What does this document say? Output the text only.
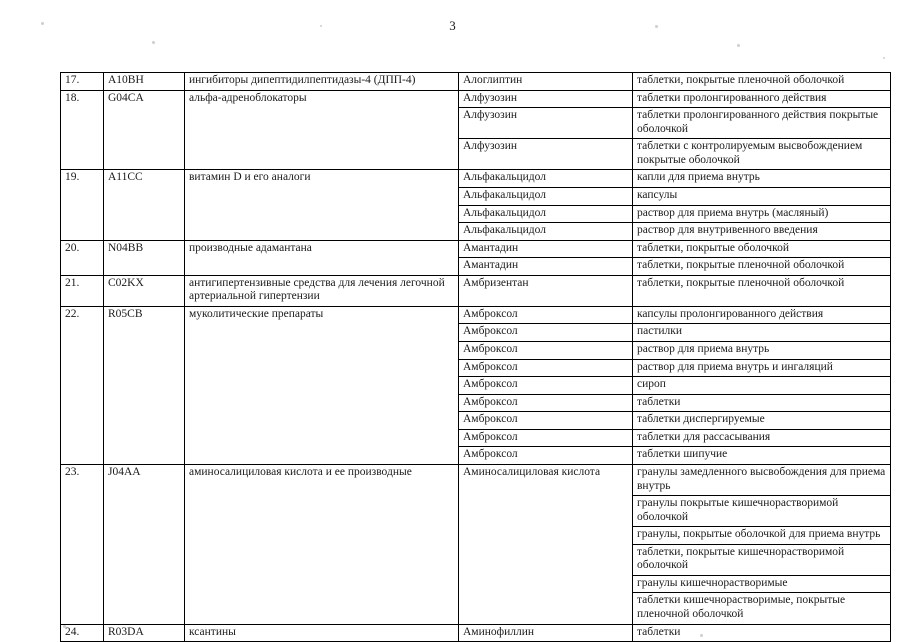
3
17.	A10BH	ингибиторы дипептидилпептидазы-4 (ДПП-4)	Алоглиптин	таблетки, покрытые пленочной оболочкой
18.	G04CA	альфа-адреноблокаторы	Алфузозин	таблетки пролонгированного действия
			Алфузозин	таблетки пролонгированного действия покрытые оболочкой
			Алфузозин	таблетки с контролируемым высвобождением покрытые оболочкой
19.	A11CC	витамин D и его аналоги	Альфакальцидол	капли для приема внутрь
			Альфакальцидол	капсулы
			Альфакальцидол	раствор для приема внутрь (масляный)
			Альфакальцидол	раствор для внутривенного введения
20.	N04BB	производные адамантана	Амантадин	таблетки, покрытые оболочкой
			Амантадин	таблетки, покрытые пленочной оболочкой
21.	C02KX	антигипертензивные средства для лечения легочной артериальной гипертензии	Амбризентан	таблетки, покрытые пленочной оболочкой
22.	R05CB	муколитические препараты	Амброксол	капсулы пролонгированного действия
			Амброксол	пастилки
			Амброксол	раствор для приема внутрь
			Амброксол	раствор для приема внутрь и ингаляций
			Амброксол	сироп
			Амброксол	таблетки
			Амброксол	таблетки диспергируемые
			Амброксол	таблетки для рассасывания
			Амброксол	таблетки шипучие
23.	J04AA	аминосалициловая кислота и ее производные	Аминосалициловая кислота	гранулы замедленного высвобождения для приема внутрь
				гранулы покрытые кишечнорастворимой оболочкой
				гранулы, покрытые оболочкой для приема внутрь
				таблетки, покрытые кишечнорастворимой оболочкой
				гранулы кишечнорастворимые
				таблетки кишечнорастворимые, покрытые пленочной оболочкой
24.	R03DA	ксантины	Аминофиллин	таблетки
